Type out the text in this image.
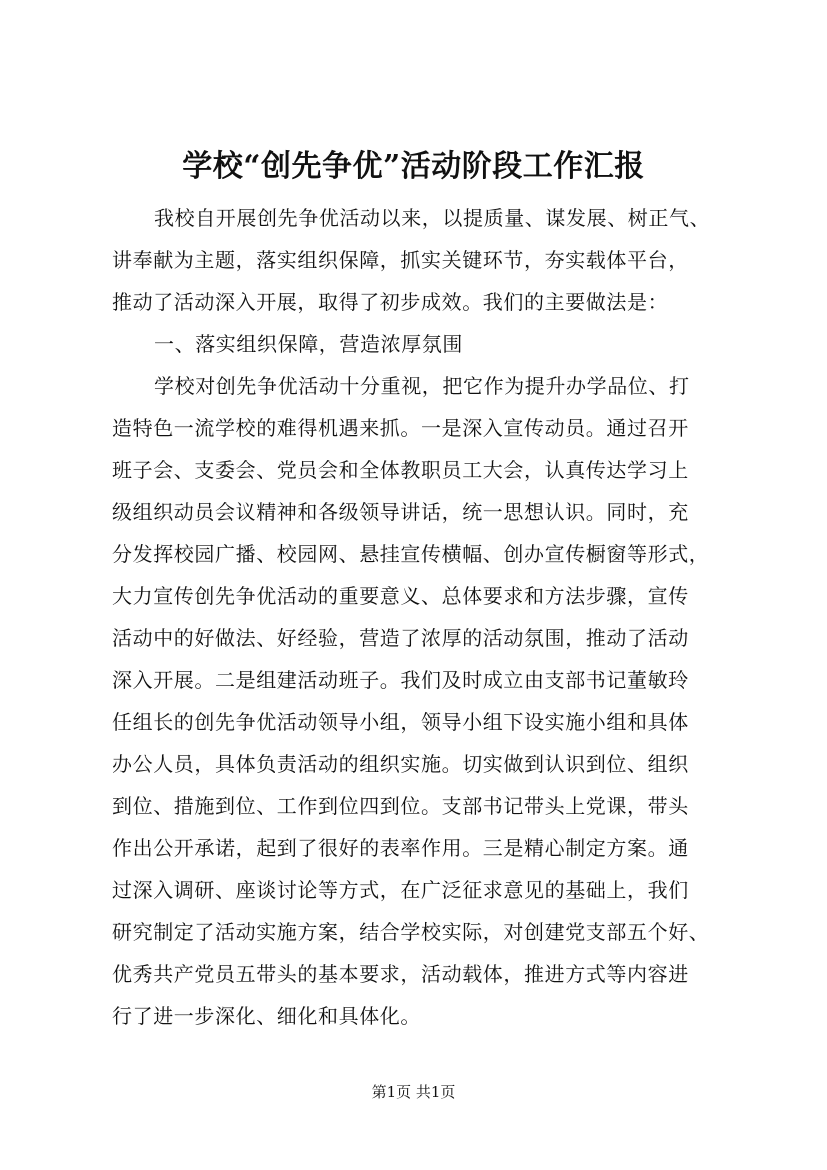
学校“创先争优”活动阶段工作汇报
我校自开展创先争优活动以来，以提质量、谋发展、树正气、
讲奉献为主题，落实组织保障，抓实关键环节，夯实载体平台，
推动了活动深入开展，取得了初步成效。我们的主要做法是：
一、落实组织保障，营造浓厚氛围
学校对创先争优活动十分重视，把它作为提升办学品位、打
造特色一流学校的难得机遇来抓。一是深入宣传动员。通过召开
班子会、支委会、党员会和全体教职员工大会，认真传达学习上
级组织动员会议精神和各级领导讲话，统一思想认识。同时，充
分发挥校园广播、校园网、悬挂宣传横幅、创办宣传橱窗等形式，
大力宣传创先争优活动的重要意义、总体要求和方法步骤，宣传
活动中的好做法、好经验，营造了浓厚的活动氛围，推动了活动
深入开展。二是组建活动班子。我们及时成立由支部书记董敏玲
任组长的创先争优活动领导小组，领导小组下设实施小组和具体
办公人员，具体负责活动的组织实施。切实做到认识到位、组织
到位、措施到位、工作到位四到位。支部书记带头上党课，带头
作出公开承诺，起到了很好的表率作用。三是精心制定方案。通
过深入调研、座谈讨论等方式，在广泛征求意见的基础上，我们
研究制定了活动实施方案，结合学校实际，对创建党支部五个好、
优秀共产党员五带头的基本要求，活动载体，推进方式等内容进
行了进一步深化、细化和具体化。
第1页 共1页
